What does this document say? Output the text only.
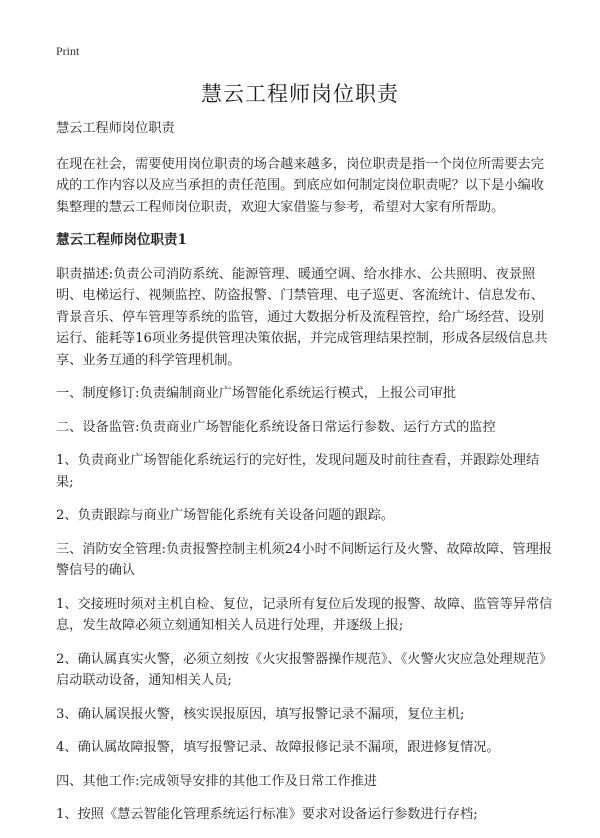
Print
慧云工程师岗位职责

慧云工程师岗位职责

在现在社会，需要使用岗位职责的场合越来越多，岗位职责是指一个岗位所需要去完成的工作内容以及应当承担的责任范围。到底应如何制定岗位职责呢？以下是小编收集整理的慧云工程师岗位职责，欢迎大家借鉴与参考，希望对大家有所帮助。

慧云工程师岗位职责1

职责描述:负责公司消防系统、能源管理、暖通空调、给水排水、公共照明、夜景照明、电梯运行、视频监控、防盗报警、门禁管理、电子巡更、客流统计、信息发布、背景音乐、停车管理等系统的监管，通过大数据分析及流程管控，给广场经营、设别运行、能耗等16项业务提供管理决策依据，并完成管理结果控制，形成各层级信息共享、业务互通的科学管理机制。

一、制度修订:负责编制商业广场智能化系统运行模式，上报公司审批

二、设备监管:负责商业广场智能化系统设备日常运行参数、运行方式的监控

1、负责商业广场智能化系统运行的完好性，发现问题及时前往查看，并跟踪处理结果;

2、负责跟踪与商业广场智能化系统有关设备问题的跟踪。

三、消防安全管理:负责报警控制主机须24小时不间断运行及火警、故障故障、管理报警信号的确认

1、交接班时须对主机自检、复位，记录所有复位后发现的报警、故障、监管等异常信息，发生故障必须立刻通知相关人员进行处理，并逐级上报;

2、确认属真实火警，必须立刻按《火灾报警器操作规范》、《火警火灾应急处理规范》启动联动设备，通知相关人员;

3、确认属误报火警，核实误报原因，填写报警记录不漏项，复位主机;

4、确认属故障报警，填写报警记录、故障报修记录不漏项，跟进修复情况。

四、其他工作:完成领导安排的其他工作及日常工作推进

1、按照《慧云智能化管理系统运行标准》要求对设备运行参数进行存档;
